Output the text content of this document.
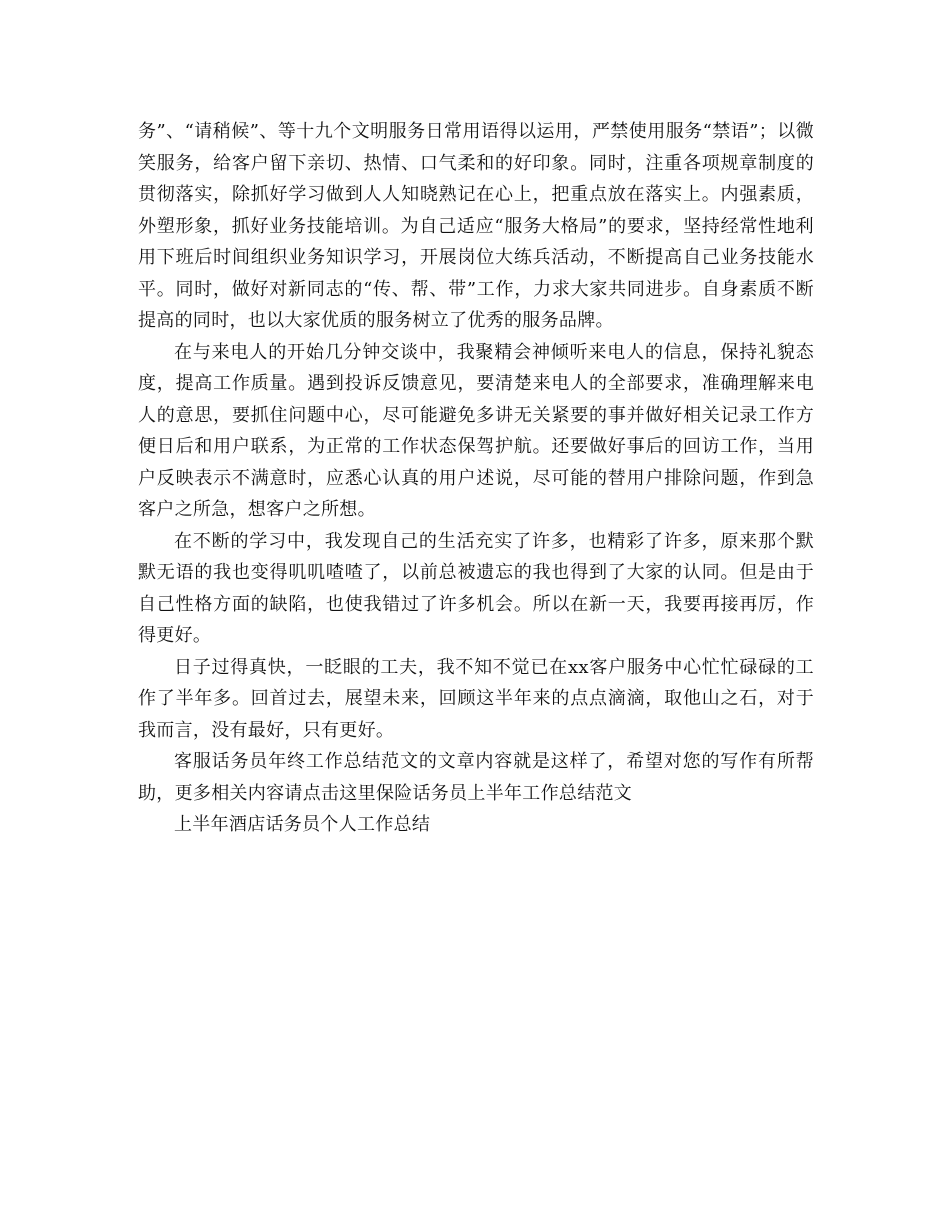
务”、“请稍候”、等十九个文明服务日常用语得以运用，严禁使用服务“禁语”；以微笑服务，给客户留下亲切、热情、口气柔和的好印象。同时，注重各项规章制度的贯彻落实，除抓好学习做到人人知晓熟记在心上，把重点放在落实上。内强素质，外塑形象，抓好业务技能培训。为自己适应“服务大格局”的要求，坚持经常性地利用下班后时间组织业务知识学习，开展岗位大练兵活动，不断提高自己业务技能水平。同时，做好对新同志的“传、帮、带”工作，力求大家共同进步。自身素质不断提高的同时，也以大家优质的服务树立了优秀的服务品牌。

在与来电人的开始几分钟交谈中，我聚精会神倾听来电人的信息，保持礼貌态度，提高工作质量。遇到投诉反馈意见，要清楚来电人的全部要求，准确理解来电人的意思，要抓住问题中心，尽可能避免多讲无关紧要的事并做好相关记录工作方便日后和用户联系，为正常的工作状态保驾护航。还要做好事后的回访工作，当用户反映表示不满意时，应悉心认真的用户述说，尽可能的替用户排除问题，作到急客户之所急，想客户之所想。

在不断的学习中，我发现自己的生活充实了许多，也精彩了许多，原来那个默默无语的我也变得叽叽喳喳了，以前总被遗忘的我也得到了大家的认同。但是由于自己性格方面的缺陷，也使我错过了许多机会。所以在新一天，我要再接再厉，作得更好。

日子过得真快，一眨眼的工夫，我不知不觉已在xx客户服务中心忙忙碌碌的工作了半年多。回首过去，展望未来，回顾这半年来的点点滴滴，取他山之石，对于我而言，没有最好，只有更好。

客服话务员年终工作总结范文的文章内容就是这样了，希望对您的写作有所帮助，更多相关内容请点击这里保险话务员上半年工作总结范文

上半年酒店话务员个人工作总结
